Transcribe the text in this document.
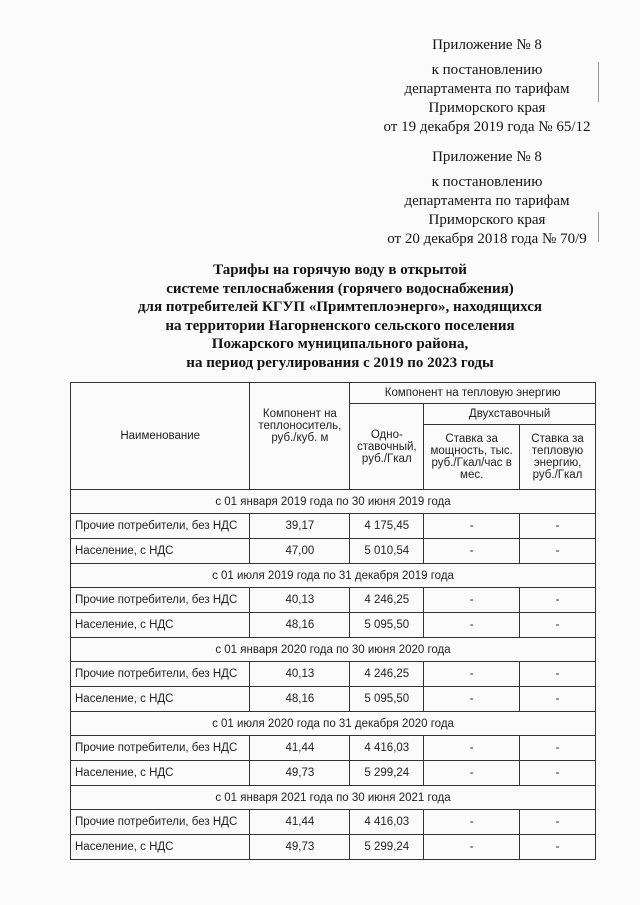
Приложение № 8
к постановлению
департамента по тарифам
Приморского края
от 19 декабря 2019 года № 65/12
Приложение № 8
к постановлению
департамента по тарифам
Приморского края
от 20 декабря 2018 года № 70/9
Тарифы на горячую воду в открытой
системе теплоснабжения (горячего водоснабжения)
для потребителей КГУП «Примтеплоэнерго», находящихся
на территории Нагорненского сельского поселения
Пожарского муниципального района,
на период регулирования с 2019 по 2023 годы
Наименование	Компонент на теплоноситель, руб./куб. м	Компонент на тепловую энергию		
		Одно-ставочный, руб./Гкал	Двухставочный	
			Ставка за мощность, тыс. руб./Гкал/час в мес.	Ставка за тепловую энергию, руб./Гкал
с 01 января 2019 года по 30 июня 2019 года				
Прочие потребители, без НДС	39,17	4 175,45	-	-
Население, с НДС	47,00	5 010,54	-	-
с 01 июля 2019 года по 31 декабря 2019 года				
Прочие потребители, без НДС	40,13	4 246,25	-	-
Население, с НДС	48,16	5 095,50	-	-
с 01 января 2020 года по 30 июня 2020 года				
Прочие потребители, без НДС	40,13	4 246,25	-	-
Население, с НДС	48,16	5 095,50	-	-
с 01 июля 2020 года по 31 декабря 2020 года				
Прочие потребители, без НДС	41,44	4 416,03	-	-
Население, с НДС	49,73	5 299,24	-	-
с 01 января 2021 года по 30 июня 2021 года				
Прочие потребители, без НДС	41,44	4 416,03	-	-
Население, с НДС	49,73	5 299,24	-	-
